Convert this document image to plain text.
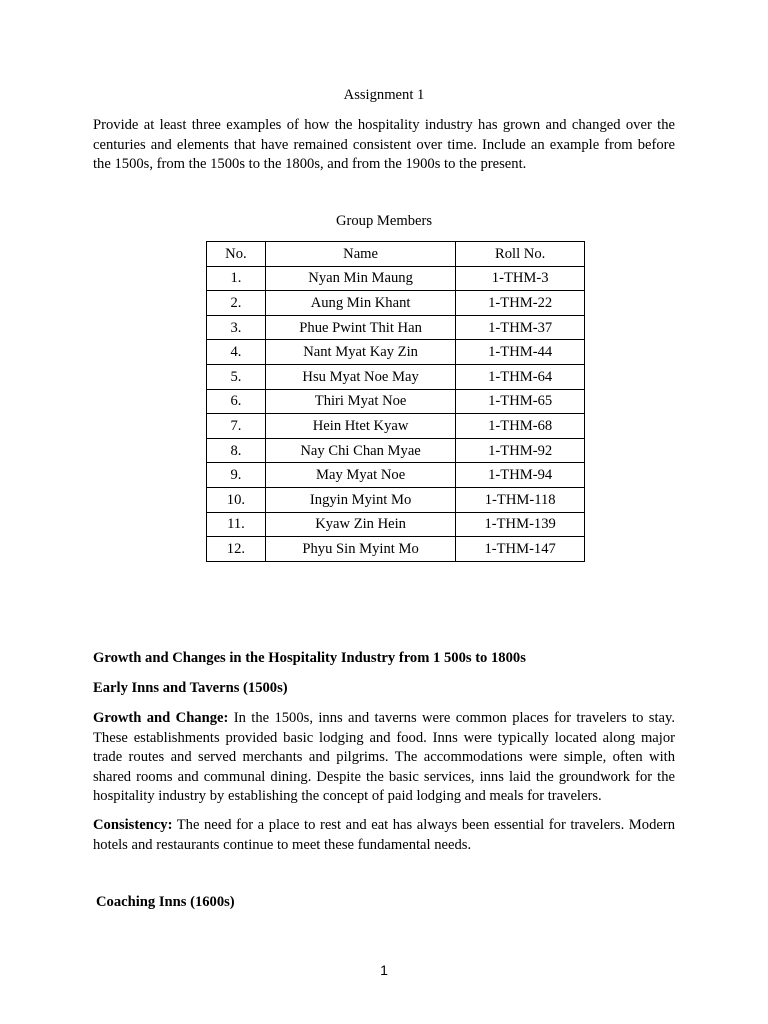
Assignment 1

Provide at least three examples of how the hospitality industry has grown and changed over the centuries and elements that have remained consistent over time. Include an example from before the 1500s, from the 1500s to the 1800s, and from the 1900s to the present.

Group Members
No.	Name	Roll No.
1.	Nyan Min Maung	1-THM-3
2.	Aung Min Khant	1-THM-22
3.	Phue Pwint Thit Han	1-THM-37
4.	Nant Myat Kay Zin	1-THM-44
5.	Hsu Myat Noe May	1-THM-64
6.	Thiri Myat Noe	1-THM-65
7.	Hein Htet Kyaw	1-THM-68
8.	Nay Chi Chan Myae	1-THM-92
9.	May Myat Noe	1-THM-94
10.	Ingyin Myint Mo	1-THM-118
11.	Kyaw Zin Hein	1-THM-139
12.	Phyu Sin Myint Mo	1-THM-147
Growth and Changes in the Hospitality Industry from 1 500s to 1800s
Early Inns and Taverns (1500s)

Growth and Change: In the 1500s, inns and taverns were common places for travelers to stay. These establishments provided basic lodging and food. Inns were typically located along major trade routes and served merchants and pilgrims. The accommodations were simple, often with shared rooms and communal dining. Despite the basic services, inns laid the groundwork for the hospitality industry by establishing the concept of paid lodging and meals for travelers.

Consistency: The need for a place to rest and eat has always been essential for travelers. Modern hotels and restaurants continue to meet these fundamental needs.

Coaching Inns (1600s)
1
